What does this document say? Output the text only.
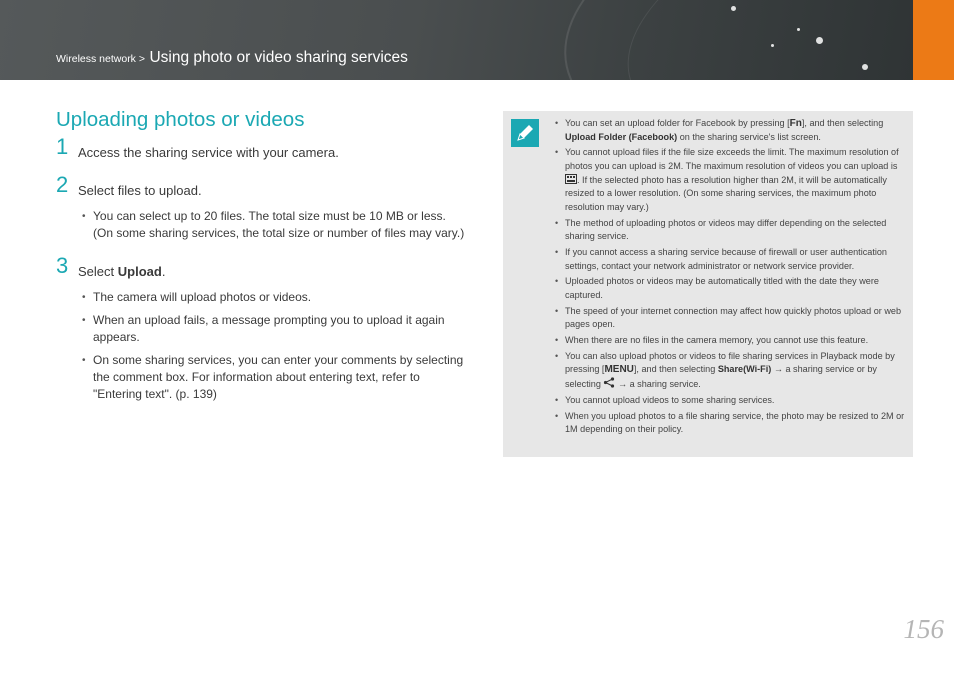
Wireless network > Using photo or video sharing services
Uploading photos or videos
1 Access the sharing service with your camera.
2 Select files to upload.
• You can select up to 20 files. The total size must be 10 MB or less. (On some sharing services, the total size or number of files may vary.)
3 Select Upload.
• The camera will upload photos or videos.
• When an upload fails, a message prompting you to upload it again appears.
• On some sharing services, you can enter your comments by selecting the comment box. For information about entering text, refer to "Entering text". (p. 139)
• You can set an upload folder for Facebook by pressing [Fn], and then selecting Upload Folder (Facebook) on the sharing service's list screen.
• You cannot upload files if the file size exceeds the limit. The maximum resolution of photos you can upload is 2M. The maximum resolution of videos you can upload is . If the selected photo has a resolution higher than 2M, it will be automatically resized to a lower resolution. (On some sharing services, the maximum photo resolution may vary.)
• The method of uploading photos or videos may differ depending on the selected sharing service.
• If you cannot access a sharing service because of firewall or user authentication settings, contact your network administrator or network service provider.
• Uploaded photos or videos may be automatically titled with the date they were captured.
• The speed of your internet connection may affect how quickly photos upload or web pages open.
• When there are no files in the camera memory, you cannot use this feature.
• You can also upload photos or videos to file sharing services in Playback mode by pressing [MENU], and then selecting Share(Wi-Fi) → a sharing service or by selecting  → a sharing service.
• You cannot upload videos to some sharing services.
• When you upload photos to a file sharing service, the photo may be resized to 2M or 1M depending on their policy.
156
